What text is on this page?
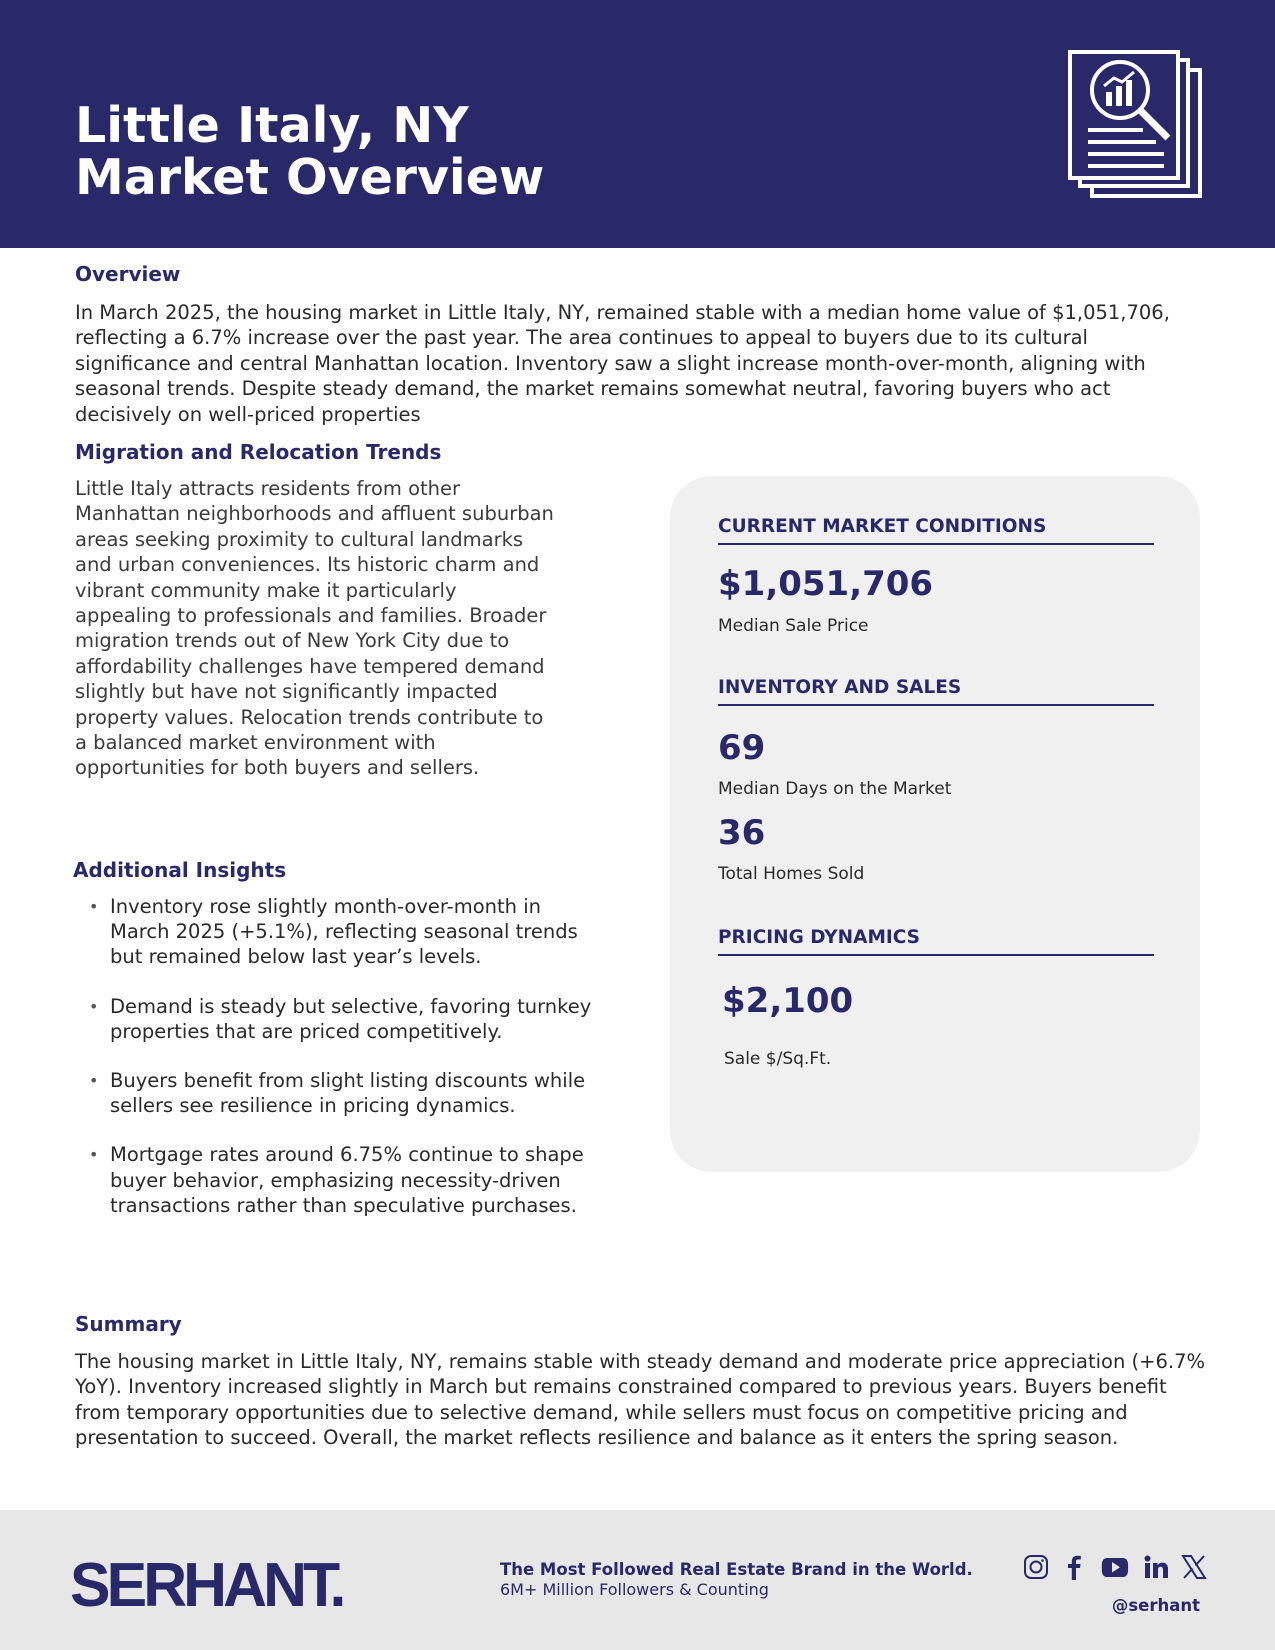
Little Italy, NY
Market Overview
Overview
In March 2025, the housing market in Little Italy, NY, remained stable with a median home value of $1,051,706, reflecting a 6.7% increase over the past year. The area continues to appeal to buyers due to its cultural significance and central Manhattan location. Inventory saw a slight increase month-over-month, aligning with seasonal trends. Despite steady demand, the market remains somewhat neutral, favoring buyers who act decisively on well-priced properties
Migration and Relocation Trends
Little Italy attracts residents from other Manhattan neighborhoods and affluent suburban areas seeking proximity to cultural landmarks and urban conveniences. Its historic charm and vibrant community make it particularly appealing to professionals and families. Broader migration trends out of New York City due to affordability challenges have tempered demand slightly but have not significantly impacted property values. Relocation trends contribute to a balanced market environment with opportunities for both buyers and sellers.
Additional Insights
• Inventory rose slightly month-over-month in March 2025 (+5.1%), reflecting seasonal trends but remained below last year’s levels.
• Demand is steady but selective, favoring turnkey properties that are priced competitively.
• Buyers benefit from slight listing discounts while sellers see resilience in pricing dynamics.
• Mortgage rates around 6.75% continue to shape buyer behavior, emphasizing necessity-driven transactions rather than speculative purchases.
CURRENT MARKET CONDITIONS
$1,051,706
Median Sale Price
INVENTORY AND SALES
69
Median Days on the Market
36
Total Homes Sold
PRICING DYNAMICS
$2,100
Sale $/Sq.Ft.
Summary
The housing market in Little Italy, NY, remains stable with steady demand and moderate price appreciation (+6.7% YoY). Inventory increased slightly in March but remains constrained compared to previous years. Buyers benefit from temporary opportunities due to selective demand, while sellers must focus on competitive pricing and presentation to succeed. Overall, the market reflects resilience and balance as it enters the spring season.
SERHANT.	The Most Followed Real Estate Brand in the World.
6M+ Million Followers & Counting
@serhant
